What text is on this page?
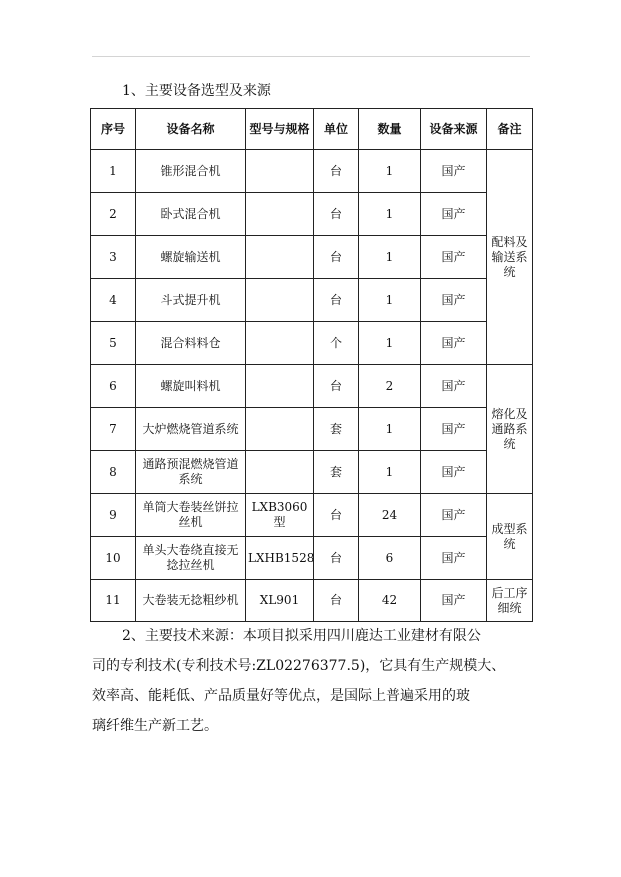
1、主要设备选型及来源
序号	设备名称	型号与规格	单位	数量	设备来源	备注
1	锥形混合机		台	1	国产	配料及输送系统
2	卧式混合机		台	1	国产	
3	螺旋输送机		台	1	国产	
4	斗式提升机		台	1	国产	
5	混合料料仓		个	1	国产	
6	螺旋叫料机		台	2	国产	熔化及通路系统
7	大炉燃烧管道系统		套	1	国产	
8	通路预混燃烧管道系统		套	1	国产	
9	单筒大卷装丝饼拉丝机	LXB3060型	台	24	国产	成型系统
10	单头大卷绕直接无捻拉丝机	LXHB1528	台	6	国产	
11	大卷装无捻粗纱机	XL901	台	42	国产	后工序细统
2、主要技术来源：本项目拟采用四川鹿达工业建材有限公
司的专利技术(专利技术号:ZL02276377.5)，它具有生产规模大、
效率高、能耗低、产品质量好等优点，是国际上普遍采用的玻
璃纤维生产新工艺。
